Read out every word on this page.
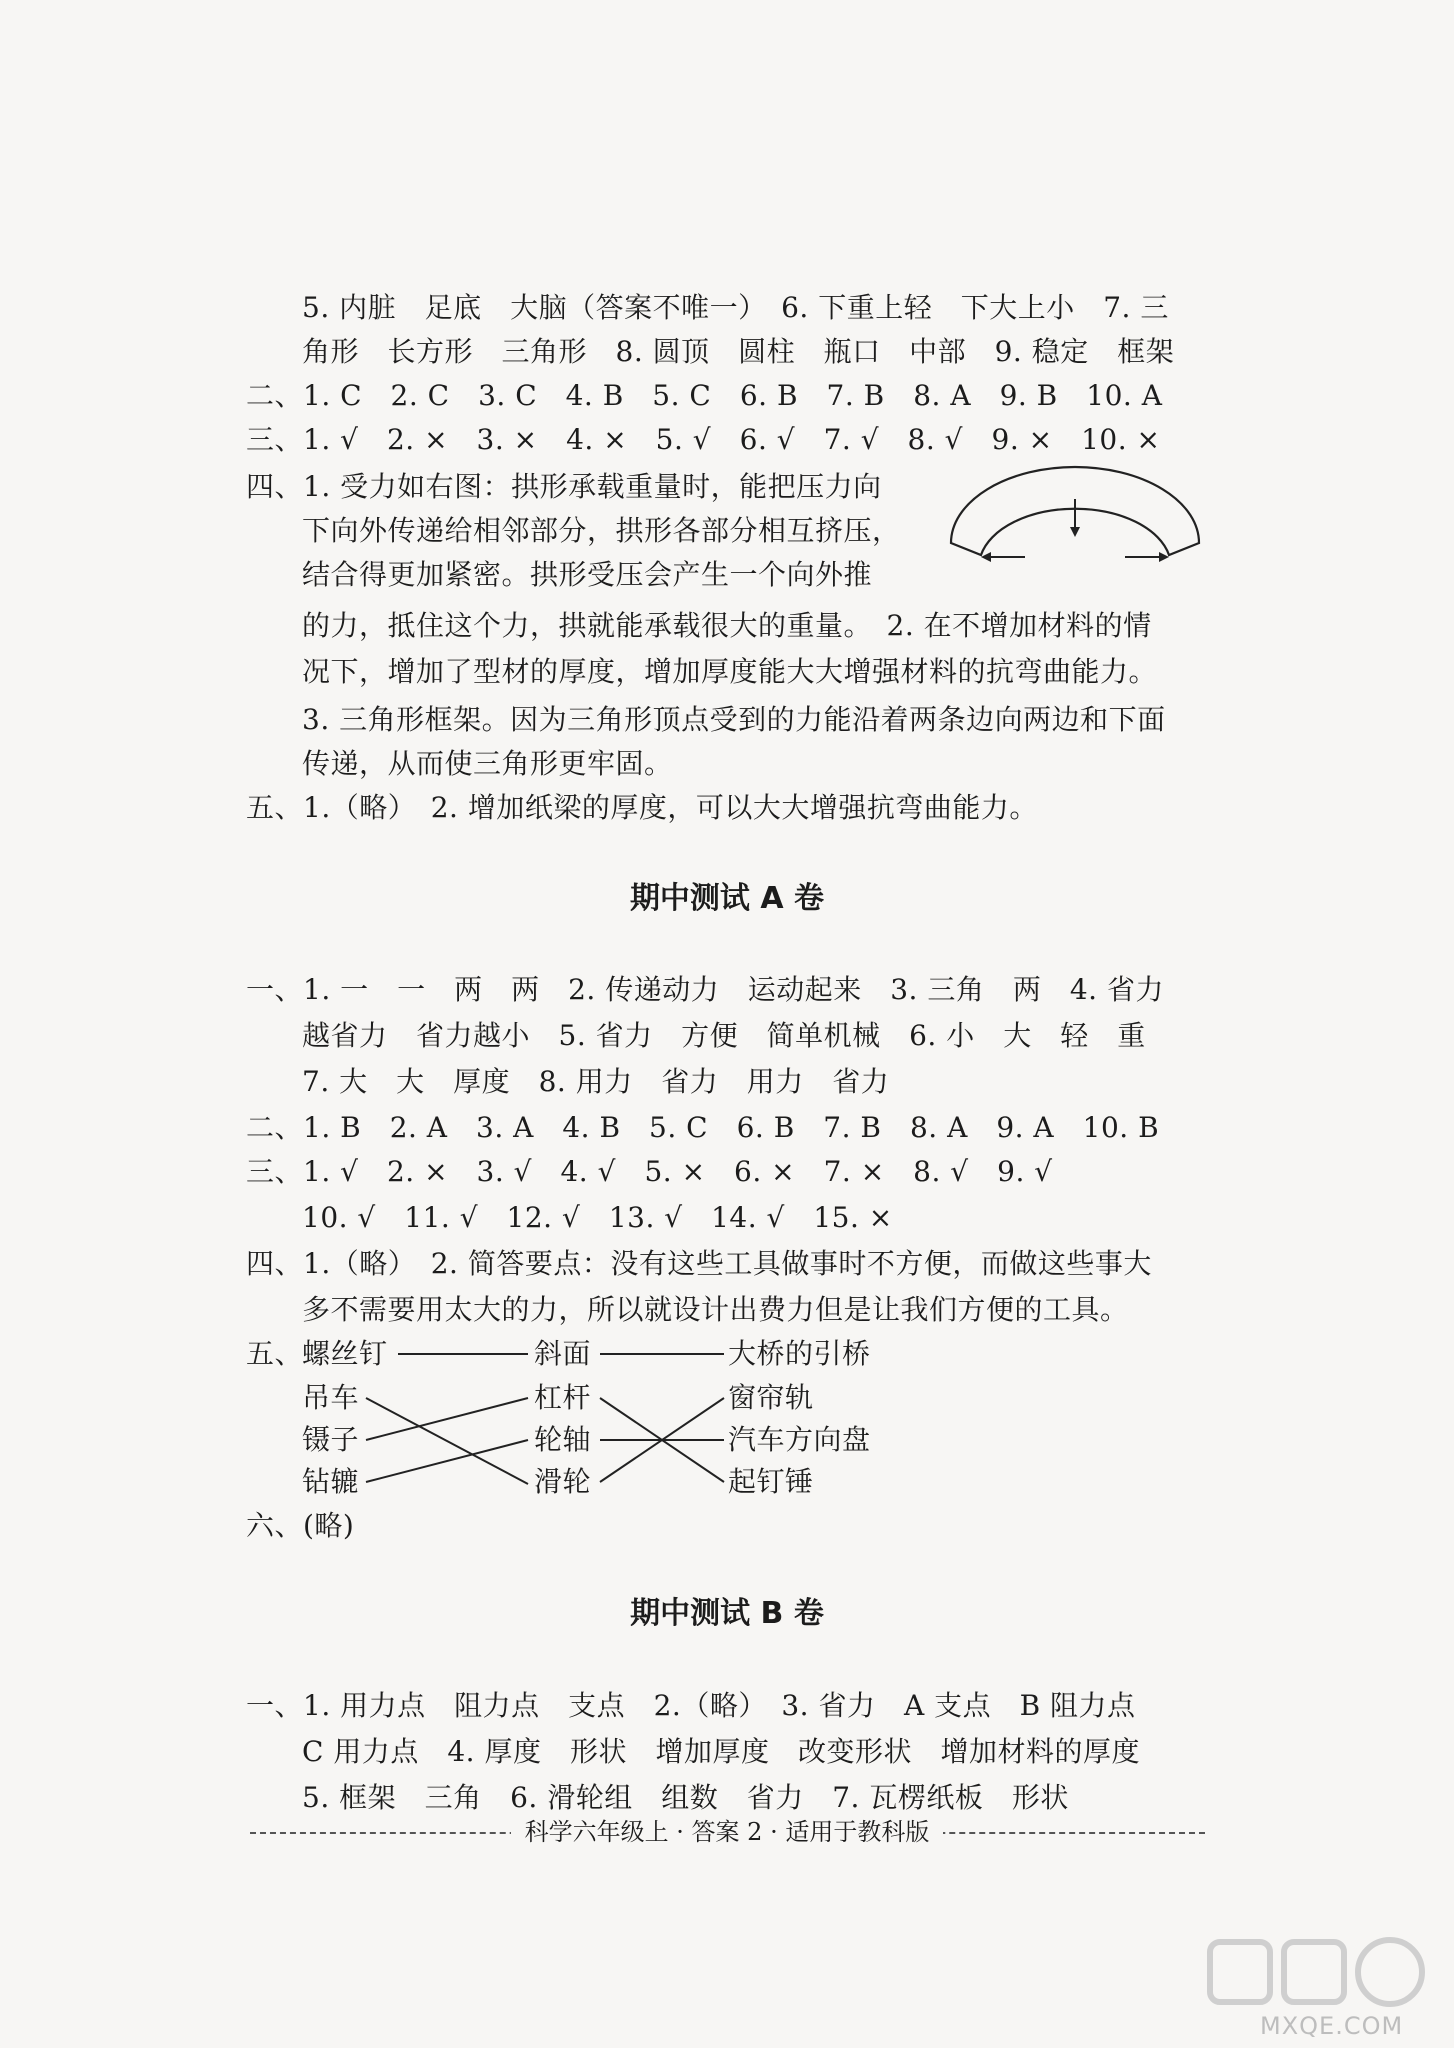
5. 内脏　足底　大脑（答案不唯一）　6. 下重上轻　下大上小　7. 三
角形　长方形　三角形　8. 圆顶　圆柱　瓶口　中部　9. 稳定　框架
二、1. C　2. C　3. C　4. B　5. C　6. B　7. B　8. A　9. B　10. A
三、1. √　2. ×　3. ×　4. ×　5. √　6. √　7. √　8. √　9. ×　10. ×
四、1. 受力如右图：拱形承载重量时，能把压力向
下向外传递给相邻部分，拱形各部分相互挤压，
结合得更加紧密。拱形受压会产生一个向外推
的力，抵住这个力，拱就能承载很大的重量。　2. 在不增加材料的情
况下，增加了型材的厚度，增加厚度能大大增强材料的抗弯曲能力。
3. 三角形框架。因为三角形顶点受到的力能沿着两条边向两边和下面
传递，从而使三角形更牢固。
五、1.（略）　2. 增加纸梁的厚度，可以大大增强抗弯曲能力。
期中测试 A 卷
一、1. 一　一　两　两　2. 传递动力　运动起来　3. 三角　两　4. 省力
越省力　省力越小　5. 省力　方便　简单机械　6. 小　大　轻　重
7. 大　大　厚度　8. 用力　省力　用力　省力
二、1. B　2. A　3. A　4. B　5. C　6. B　7. B　8. A　9. A　10. B
三、1. √　2. ×　3. √　4. √　5. ×　6. ×　7. ×　8. √　9. √
10. √　11. √　12. √　13. √　14. √　15. ×
四、1.（略）　2. 简答要点：没有这些工具做事时不方便，而做这些事大
多不需要用太大的力，所以就设计出费力但是让我们方便的工具。
五、
螺丝钉
吊车
镊子
钻辘
斜面
杠杆
轮轴
滑轮
大桥的引桥
窗帘轨
汽车方向盘
起钉锤
六、(略)
期中测试 B 卷
一、1. 用力点　阻力点　支点　2.（略）　3. 省力　A 支点　B 阻力点
C 用力点　4. 厚度　形状　增加厚度　改变形状　增加材料的厚度
5. 框架　三角　6. 滑轮组　组数　省力　7. 瓦楞纸板　形状
科学六年级上 · 答案 2 · 适用于教科版
MXQE.COM
